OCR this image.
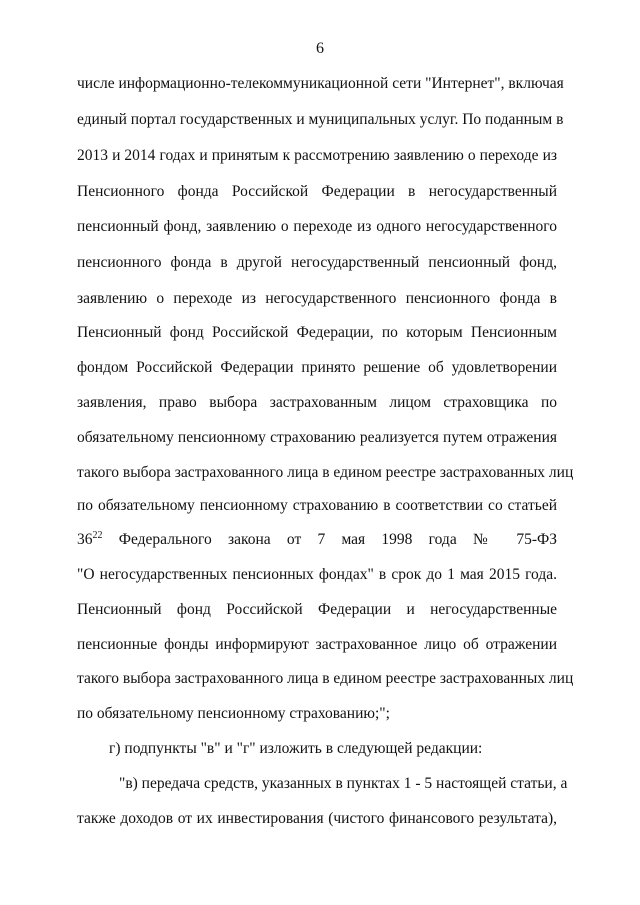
6
числе информационно-телекоммуникационной сети "Интернет", включая
единый портал государственных и муниципальных услуг. По поданным в
2013 и 2014 годах и принятым к рассмотрению заявлению о переходе из
Пенсионного фонда Российской Федерации в негосударственный
пенсионный фонд, заявлению о переходе из одного негосударственного
пенсионного фонда в другой негосударственный пенсионный фонд,
заявлению о переходе из негосударственного пенсионного фонда в
Пенсионный фонд Российской Федерации, по которым Пенсионным
фондом Российской Федерации принято решение об удовлетворении
заявления, право выбора застрахованным лицом страховщика по
обязательному пенсионному страхованию реализуется путем отражения
такого выбора застрахованного лица в едином реестре застрахованных лиц
по обязательному пенсионному страхованию в соответствии со статьей
$36^{22}$ Федерального закона от 7 мая 1998 года № 75-ФЗ
"О негосударственных пенсионных фондах" в срок до 1 мая 2015 года.
Пенсионный фонд Российской Федерации и негосударственные
пенсионные фонды информируют застрахованное лицо об отражении
такого выбора застрахованного лица в едином реестре застрахованных лиц
по обязательному пенсионному страхованию;";
г) подпункты "в" и "г" изложить в следующей редакции:
"в) передача средств, указанных в пунктах 1 - 5 настоящей статьи, а
также доходов от их инвестирования (чистого финансового результата),
